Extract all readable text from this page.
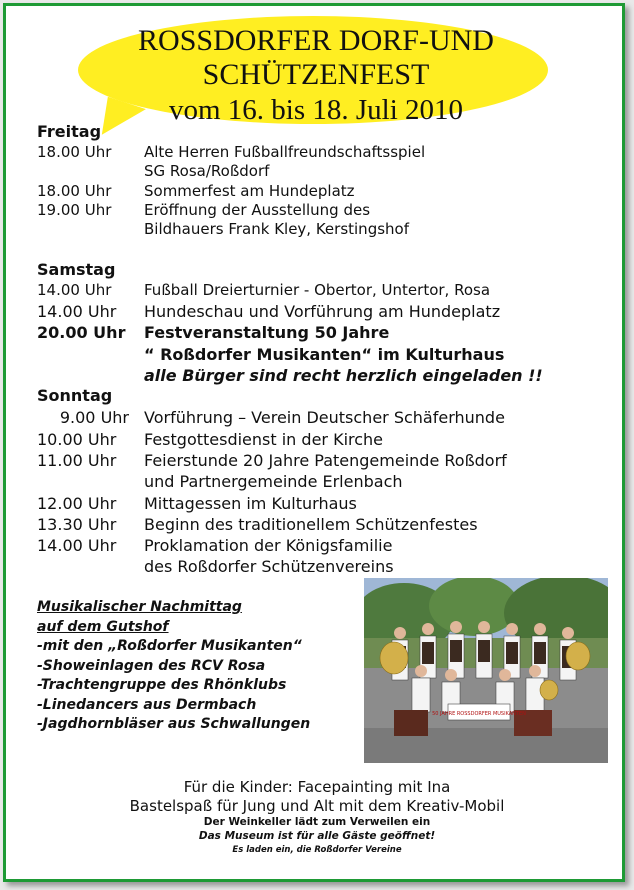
ROSSDORFER DORF-UND
SCHÜTZENFEST
vom 16. bis 18. Juli 2010
Freitag
18.00 Uhr	Alte Herren Fußballfreundschaftsspiel
SG Rosa/Roßdorf
18.00 Uhr	Sommerfest am Hundeplatz
19.00 Uhr	Eröffnung der Ausstellung des
Bildhauers Frank Kley, Kerstingshof
Samstag
14.00 Uhr	Fußball Dreierturnier - Obertor, Untertor, Rosa
14.00 Uhr	Hundeschau und Vorführung am Hundeplatz
20.00 Uhr	Festveranstaltung 50 Jahre
“ Roßdorfer Musikanten“ im Kulturhaus
alle Bürger sind recht herzlich eingeladen !!
Sonntag
9.00 Uhr Vorführung – Verein Deutscher Schäferhunde
10.00 Uhr	Festgottesdienst in der Kirche
11.00 Uhr	Feierstunde 20 Jahre Patengemeinde Roßdorf
und Partnergemeinde Erlenbach
12.00 Uhr	Mittagessen im Kulturhaus
13.30 Uhr	Beginn des traditionellem Schützenfestes
14.00 Uhr	Proklamation der Königsfamilie
des Roßdorfer Schützenvereins
Musikalischer Nachmittag
auf dem Gutshof
-mit den „Roßdorfer Musikanten“
-Showeinlagen des RCV Rosa
-Trachtengruppe des Rhönklubs
-Linedancers aus Dermbach
-Jagdhornbläser aus Schwallungen
50 JAHRE ROSSDORFER MUSIKANTEN
Für die Kinder: Facepainting mit Ina
Bastelspaß für Jung und Alt mit dem Kreativ-Mobil
Der Weinkeller lädt zum Verweilen ein
Das Museum ist für alle Gäste geöffnet!
Es laden ein, die Roßdorfer Vereine
